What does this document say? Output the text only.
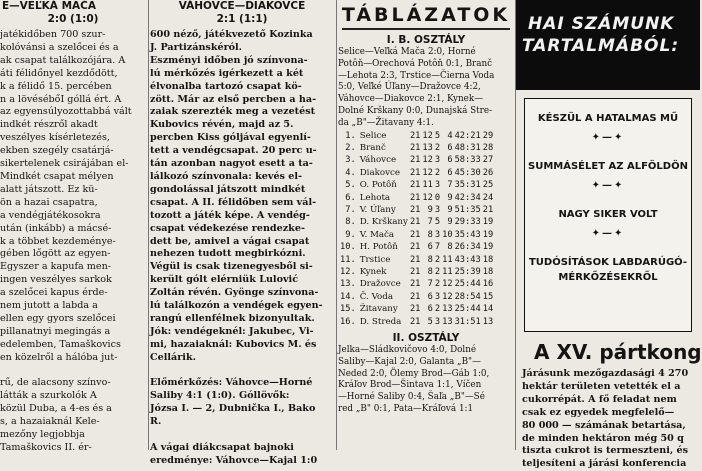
E—VEĽKÁ MAČA
2:0 (1:0)
jatékidőben 700 szur-
kolóvánsi a szelőcei és a
ak csapat találkozójára. A
áti félidőnyel kezdődött,
k a félidő 15. percében
n a lövésébőI góllá ért. A
az egyensúlyozottabbá vált
indkét részről akadt
veszélyes kísérletezés,
ekben szegély csatárjá-
sikertelenek csirájában el-
Mindkét csapat mélyen
alatt játszott. Ez kü-
ön a hazai csapatra,
a vendégjátékosokra
után (inkább) a mácsé-
k a többet kezdeménye-
gében lőgött az egyen-
Egyszer a kapufa men-
ingen veszélyes sarkok
a szelőcei kapus érde-
nem jutott a labda a
ellen egy gyors szelőcei
pillanatnyi megingás a
edelemben, Tamaškovics
en közelről a hálóba jut-

rű, de alacsony színvo-
látták a szurkolók A
közül Duba, a 4-es és a
s, a hazaiaknál Kele-
mezőny legjobbja
Tamaškovics II. ér-
VÁHOVCE—DIAKOVCE
2:1 (1:1)
600 néző, játékvezető Kozinka
J. Partizánskéról.
Eszményi időben jó színvona-
lú mérkőzés igérkezett a két
élvonalba tartozó csapat kö-
zött. Már az első percben a ha-
zaiak szerezték meg a vezetést
Kubovics révén, majd az 5.
percben Kiss góljával egyenlí-
tett a vendégcsapat. 20 perc u-
tán azonban nagyot esett a ta-
lálkozó színvonala: kevés el-
gondolással játszott mindkét
csapat. A II. félidőben sem vál-
tozott a játék képe. A vendég-
csapat védekezése rendezke-
dett be, amivel a vágai csapat
nehezen tudott megbirkózni.
Végül is csak tizenegyesből si-
került gólt elérniük Lulović
Zoltán révén. Gyönge színvona-
lú találkozón a vendégek egyen-
rangú ellenfélnek bizonyultak.
Jók: vendégeknél: Jakubec, Vi-
mi, hazaiaknál: Kubovics M. és
Cellárik.

Előmérkőzés: Váhovce—Horné
Saliby 4:1 (1:0). Góllövők:
Józsa I. — 2, Dubnička I., Bako
R.

A vágai diákcsapat bajnoki
eredménye: Váhovce—Kajal 1:0
TÁBLÁZATOK
I. B. OSZTÁLY
Selice—Veľká Mača 2:0, Horné
Potôň—Orechová Potôň 0:1, Branč
—Lehota 2:3, Trstice—Čierna Voda
5:0, Veľké Úľany—Dražovce 4:2,
Váhovce—Diakovce 2:1, Kynek—
Dolné Krškany 0:0, Dunajská Stre-
da „B"—Žitavany 4:1.
1.	Selice	21	12	5	4	42:21	29
2.	Branč	21	13	2	6	48:31	28
3.	Váhovce	21	12	3	6	58:33	27
4.	Diakovce	21	12	2	6	45:30	26
5.	O. Potôň	21	11	3	7	35:31	25
6.	Lehota	21	12	0	9	42:34	24
7.	V. Úľany	21	9	3	9	51:35	21
8.	D. Krškany	21	7	5	9	29:33	19
9.	V. Mača	21	8	3	10	35:43	19
10.	H. Potôň	21	6	7	8	26:34	19
11.	Trstice	21	8	2	11	43:43	18
12.	Kynek	21	8	2	11	25:39	18
13.	Dražovce	21	7	2	12	25:44	16
14.	Č. Voda	21	6	3	12	28:54	15
15.	Žitavany	21	6	2	13	25:44	14
16.	D. Streda	21	5	3	13	31:51	13
II. OSZTÁLY
Jelka—Sládkovičovo 4:0, Dolné
Saliby—Kajal 2:0, Galanta „B"—
Neded 2:0, Ölemy Brod—Gáb 1:0,
Kráľov Brod—Šintava 1:1, Víčen
—Horné Saliby 0:4, Šaľa „B"—Sé
red „B" 0:1, Pata—Kráľová 1:1
HAI SZÁMUNK
TARTALMÁBÓL:
KÉSZÜL A HATALMAS MŰ
✦—✦
SUMMÁSÉLET AZ ALFÖLDÖN
✦—✦
NAGY SIKER VOLT
✦—✦
TUDÓSÍTÁSOK LABDARÚGÓ-
MÉRKŐZÉSEKRŐL
A XV. pártkong
Járásunk mezőgazdasági 4 270
hektár területen vetették el a
cukorrépát. A fő feladat nem
csak ez egyedek megfelelő—
80 000 — számának betartása,
de minden hektáron még 50 q
tiszta cukrot is termeszteni, és
teljesíteni a járási konferencia
